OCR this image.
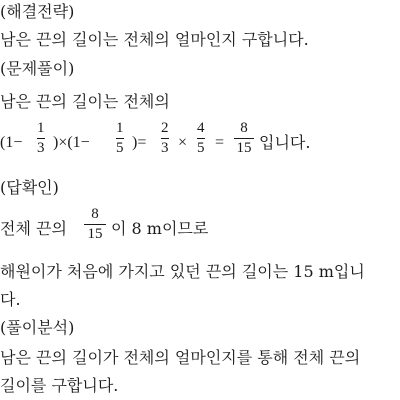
(해결전략)
남은 끈의 길이는 전체의 얼마인지 구합니다.
(문제풀이)
남은 끈의 길이는 전체의
(1−
1
3 )×(1−
1
5 )=
2
3 ×
4
5 =
8
15 입니다.
(답확인)
전체 끈의
8
15 이 8 m이므로
해원이가 처음에 가지고 있던 끈의 길이는 15 m입니
다.
(풀이분석)
남은 끈의 길이가 전체의 얼마인지를 통해 전체 끈의
길이를 구합니다.
